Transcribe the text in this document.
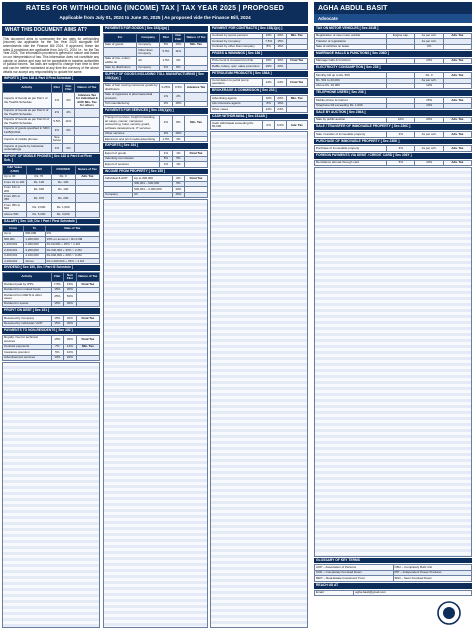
RATES FOR WITHHOLDING (INCOME) TAX | TAX YEAR 2025 | PROPOSED
Applicable from July 01, 2024 to June 30, 2025 | As proposed vide the Finance Bill, 2024
AGHA ABDUL BASIT
Advocate
WHAT THIS DOCUMENT AIMS AT?
This document aims to summarize the tax rates for withholding (income) tax applicable for the Tax Year 2025 alongwith the amendments vide the Finance Bill 2024. If approved, these tax rates & provisions are applicable from July 01, 2024 i.e., for the Tax Year 2025. The information provided is general in nature and based on our interpretation of law. This information does not constitute any opinion or advice and may not be acceptable to taxation authorities or judicial forums. Tax laws are subject to change from time to time and can be neither warranted at any time the currency of the above details nor accept any responsibility to update the same.
IMPORTS [ Sec 148 & Part II First Schedule ]
Activity	Filer	Non Filer	Nature of Tax
Imports of Goods as per Part I of the Twelfth Schedule	1%	2%	Advance Tax for individual & AOP, Min. Tax for others
Imports of Goods as per Part II of the Twelfth Schedule	2%	4%	
Imports of Goods as per Part III of the Twelfth Schedule	5.5%	11%	
Imports of goods specified in SRO 1125(I)/2011	3%	6%	
Imports of mobile phones	See below		
Imports of goods by Industrial undertakings	1%	2%	
IMPORT OF MOBILE PHONES [ Sec 148 & Part II of First Sch. ]
C&F Value (USD)	CBU	CKD/SKD	Nature of Tax
Up to 30	Rs. 70	Rs. 0	Adv. Tax
From 31 to 100	Rs. 100	Rs. 100	
From 101 to 200	Rs. 930	Rs. 100	
From 201 to 350	Rs. 970	Rs. 200	
From 351 to 500	Rs. 3,000	Rs. 1,600	
Above 500	Rs. 5,200	Rs. 3,000	
SALARY [ Sec 149, Div. I Part I First Schedule ]
From	To	Rate of Tax
Up to	600,000	0%
600,001	1,200,000	15% on amount > Rs.0.6M
1,200,001	2,200,000	Rs.90,000 + 25% > 1.2M
2,200,001	3,200,000	Rs.340,000 + 30% > 2.2M
3,200,001	4,100,000	Rs.640,000 + 40% > 3.2M
4,100,001	Above	Rs.1,000,000 + 45% > 4.1M
DIVIDEND [ Sec 150, Div. I Part III Schedule ]
Activity	Filer	Non Filer	Nature of Tax
Dividend paid by IPPs	7.5%	15%	Final Tax
Dividend from mutual funds	15%	30%	
Dividend from REITs & other cases	25%	50%	
Dividend in specie	15%	30%	
PROFIT ON DEBT [ Sec 151 ]
Received by Company	15%	30%	Final Tax
Received by individual / AOP	15%	30%	
PAYMENTS TO NON-RESIDENTS [ Sec 152 ]
Royalty / fee for technical services	15%	30%	Final Tax
Contract payments	7%	14%	Min. Tax
Insurance premium	5%	10%	
Advertisement services	10%	20%	
PAYMENTS FOR GOODS [ Sec 153(1)(a) ]
For	Company	Filer	Non Filer	Nature of Tax
Sale of goods	Company	5%	10%	Min. Tax
	Other than Company	5.5%	11%	
Sale of rice, cotton, edible oil	All	1.5%	3%	
Sale by distributors	Company	4%	8%	
SUPPLY OF GOODS INCLUDING TOLL MANUFACTURING [ Sec 153(1)(a) ]
Sale of fast moving consumer goods by distributors	0.25%	0.5%	Advance Tax
Sale of cigarettes & pharmaceutical products	1%	2%	
Toll manufacturing	9%	18%	
PAYMENTS FOR SERVICES [ Sec 153(1)(b) ]
Transport services, freight forwarding, air cargo, courier, manpower outsourcing, hotel, security guard, software development, IT services	4%	8%	Min. Tax
Other services	9%	18%	
Electronic and print media advertising	1.5%	3%	
EXPORTS [ Sec 154 ]
Export of goods	1%	1%	Final Tax
Indenting commission	5%	5%	
Export of services	1%	1%	
INCOME FROM PROPERTY [ Sec 155 ]
Individual & AOP	Up to 300,000	0%	Final Tax
	300,001 – 600,000	5%	
	600,001 – 2,000,000	10%	
Company	All	15%	
PAYMENT FOR CONTRACTS [ Sec 153(1)(c) ]
Contract by sports persons	10%	20%	Min. Tax
Contract by company	7.5%	15%	
Contract by other than company	8%	16%	
PRIZES & WINNINGS [ Sec 156 ]
Prize bond & crossword puzzle	15%	30%	Final Tax
Raffle, lottery, quiz, sales promotion	20%	40%	
PETROLEUM PRODUCTS [ Sec 156A ]
Commission to petrol pump operators	12%	24%	Final Tax
BROKERAGE & COMMISSION [ Sec 233 ]
Advertising agents	10%	20%	Min. Tax
Life insurance agents	8%	16%	
Other cases	12%	24%	
CASH WITHDRAWAL [ Sec 231AB ]
Cash withdrawal exceeding Rs. 50,000	0%	0.6%	Adv. Tax
TAX ON MOTOR VEHICLES [ Sec 231B ]
Registration of new motor vehicle	Engine cap.	As per sch.	Adv. Tax
Transfer of registration		As per sch.	
Sale of vehicles on lease		4%	
MARRIAGE HALLS & FUNCTIONS [ Sec 236D ]
Marriage halls & functions		10%	Adv. Tax
ELECTRICITY CONSUMPTION [ Sec 235 ]
Monthly bill up to Rs. 500		Rs. 0	Adv. Tax
Rs. 501 to 20,000		As per sch.	
Above Rs. 20,000		12%	
TELEPHONE USERS [ Sec 236 ]
Mobile phone & internet		15%	Adv. Tax
Telephone bill exceeding Rs. 1,000		10%	
SALE BY AUCTION [ Sec 236A ]
Sale by public auction	10%	20%	Adv. Tax
SALE / TRANSFER OF IMMOVABLE PROPERTY [ Sec 236C ]
Sale / transfer of immovable property	3%	As per sch.	Adv. Tax
PURCHASE OF IMMOVABLE PROPERTY [ Sec 236K ]
Purchase of immovable property	3%	As per sch.	Adv. Tax
FOREIGN PAYMENTS VIA DEBIT / CREDIT CARD [ Sec 236Y ]
Remittance abroad through card	5%	10%	Adv. Tax
GLOSSARY OF KEY TERMS
AOP – Association of Persons	CBU – Completely Built Unit
CKD – Completely Knocked Down	IPP – Independent Power Producer
REIT – Real Estate Investment Trust	SKD – Semi Knocked Down
REACH US AT
Email	agha.basit@gmail.com
